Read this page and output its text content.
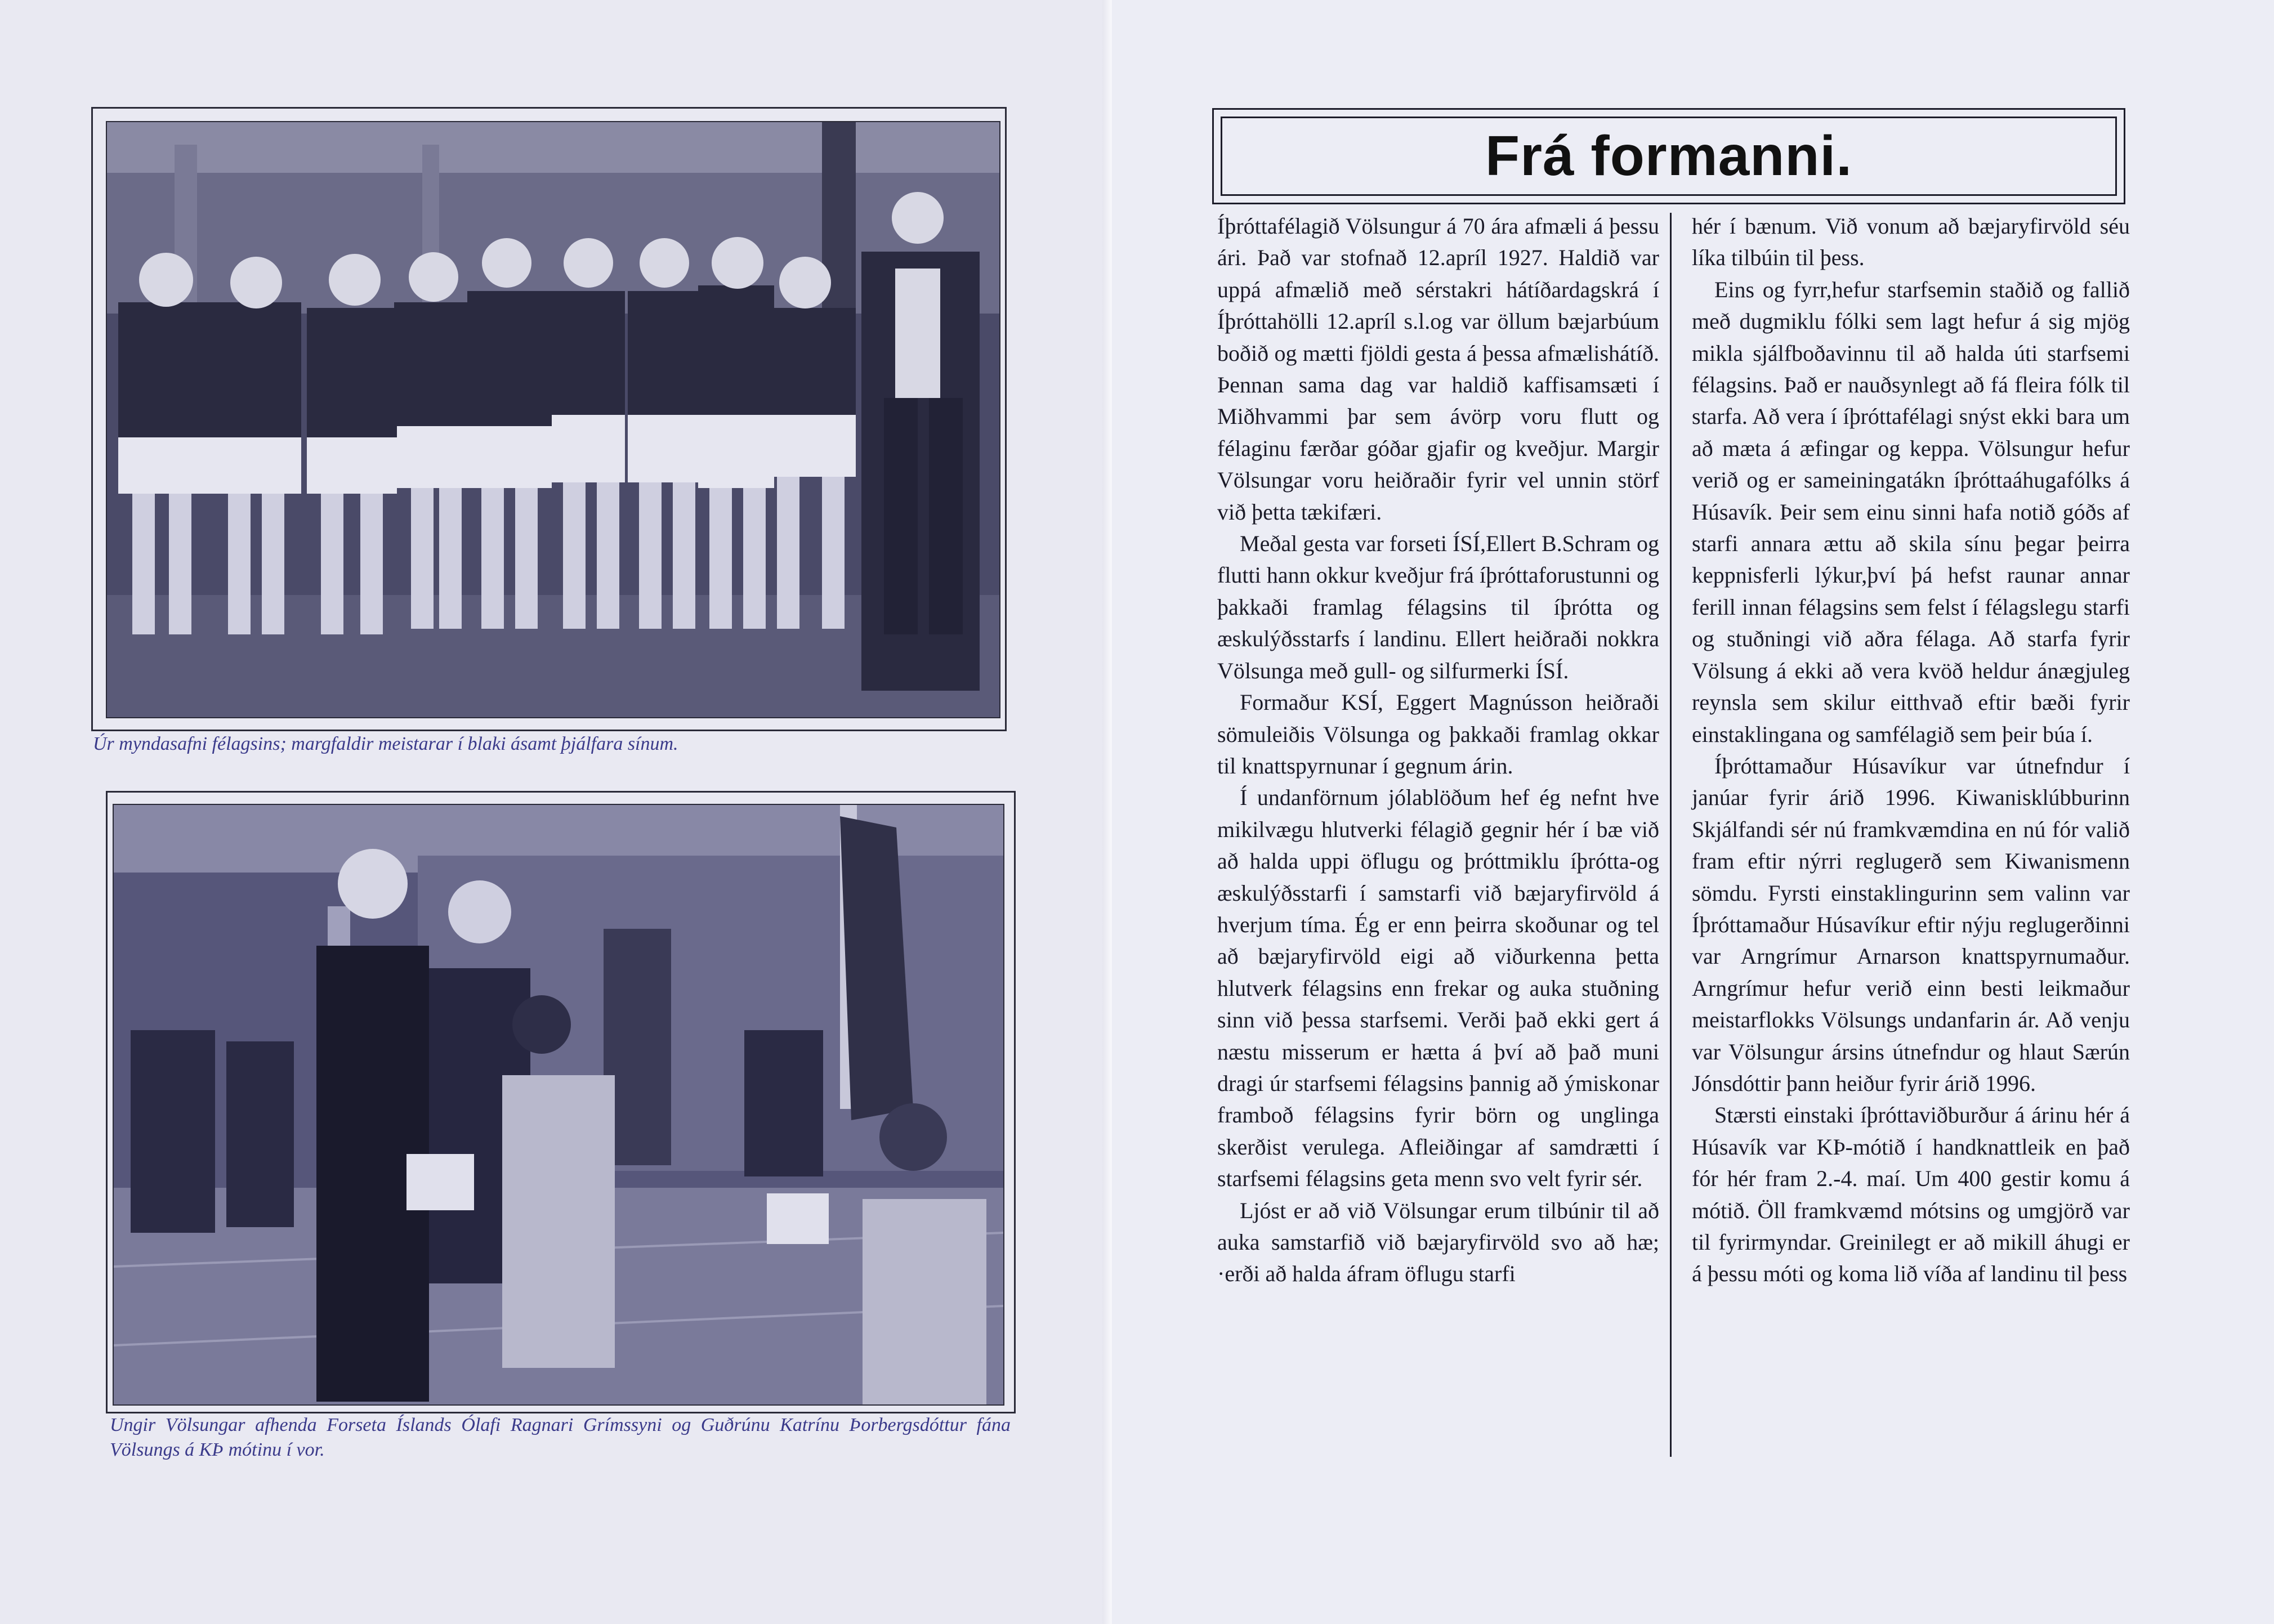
Úr myndasafni félagsins; margfaldir meistarar í blaki ásamt þjálfara sínum.
Ungir Völsungar afhenda Forseta Íslands Ólafi Ragnari Grímssyni og Guðrúnu Katrínu Þorbergsdóttur fána Völsungs á KÞ mótinu í vor.
Frá formanni.

Íþróttafélagið Völsungur á 70 ára afmæli á þessu ári. Það var stofnað 12.apríl 1927. Haldið var uppá afmælið með sérstakri hátíðardagskrá í Íþróttahölli 12.apríl s.l.og var öllum bæjarbúum boðið og mætti fjöldi gesta á þessa afmælishátíð. Þennan sama dag var haldið kaffisamsæti í Miðhvammi þar sem ávörp voru flutt og félaginu færðar góðar gjafir og kveðjur. Margir Völsungar voru heiðraðir fyrir vel unnin störf við þetta tækifæri.

Meðal gesta var forseti ÍSÍ,Ellert B.Schram og flutti hann okkur kveðjur frá íþróttaforustunni og þakkaði framlag félagsins til íþrótta og æskulýðsstarfs í landinu. Ellert heiðraði nokkra Völsunga með gull- og silfurmerki ÍSÍ.

Formaður KSÍ, Eggert Magnússon heiðraði sömuleiðis Völsunga og þakkaði framlag okkar til knattspyrnunar í gegnum árin.

Í undanförnum jólablöðum hef ég nefnt hve mikilvægu hlutverki félagið gegnir hér í bæ við að halda uppi öflugu og þróttmiklu íþrótta-og æskulýðsstarfi í samstarfi við bæjaryfirvöld á hverjum tíma. Ég er enn þeirra skoðunar og tel að bæjaryfirvöld eigi að viðurkenna þetta hlutverk félagsins enn frekar og auka stuðning sinn við þessa starfsemi. Verði það ekki gert á næstu misserum er hætta á því að það muni dragi úr starfsemi félagsins þannig að ýmiskonar framboð félagsins fyrir börn og unglinga skerðist verulega. Afleiðingar af samdrætti í starfsemi félagsins geta menn svo velt fyrir sér.

Ljóst er að við Völsungar erum tilbúnir til að auka samstarfið við bæjaryfirvöld svo að hæ; ·erði að halda áfram öflugu starfi

hér í bænum. Við vonum að bæjaryfirvöld séu líka tilbúin til þess.

Eins og fyrr,hefur starfsemin staðið og fallið með dugmiklu fólki sem lagt hefur á sig mjög mikla sjálfboðavinnu til að halda úti starfsemi félagsins. Það er nauðsynlegt að fá fleira fólk til starfa. Að vera í íþróttafélagi snýst ekki bara um að mæta á æfingar og keppa. Völsungur hefur verið og er sameiningatákn íþróttaáhugafólks á Húsavík. Þeir sem einu sinni hafa notið góðs af starfi annara ættu að skila sínu þegar þeirra keppnisferli lýkur,því þá hefst raunar annar ferill innan félagsins sem felst í félagslegu starfi og stuðningi við aðra félaga. Að starfa fyrir Völsung á ekki að vera kvöð heldur ánægjuleg reynsla sem skilur eitthvað eftir bæði fyrir einstaklingana og samfélagið sem þeir búa í.

Íþróttamaður Húsavíkur var útnefndur í janúar fyrir árið 1996. Kiwanisklúbburinn Skjálfandi sér nú framkvæmdina en nú fór valið fram eftir nýrri reglugerð sem Kiwanismenn sömdu. Fyrsti einstaklingurinn sem valinn var Íþróttamaður Húsavíkur eftir nýju reglugerðinni var Arngrímur Arnarson knattspyrnumaður. Arngrímur hefur verið einn besti leikmaður meistarflokks Völsungs undanfarin ár. Að venju var Völsungur ársins útnefndur og hlaut Særún Jónsdóttir þann heiður fyrir árið 1996.

Stærsti einstaki íþróttaviðburður á árinu hér á Húsavík var KÞ-mótið í handknattleik en það fór hér fram 2.-4. maí. Um 400 gestir komu á mótið. Öll framkvæmd mótsins og umgjörð var til fyrirmyndar. Greinilegt er að mikill áhugi er á þessu móti og koma lið víða af landinu til þess
